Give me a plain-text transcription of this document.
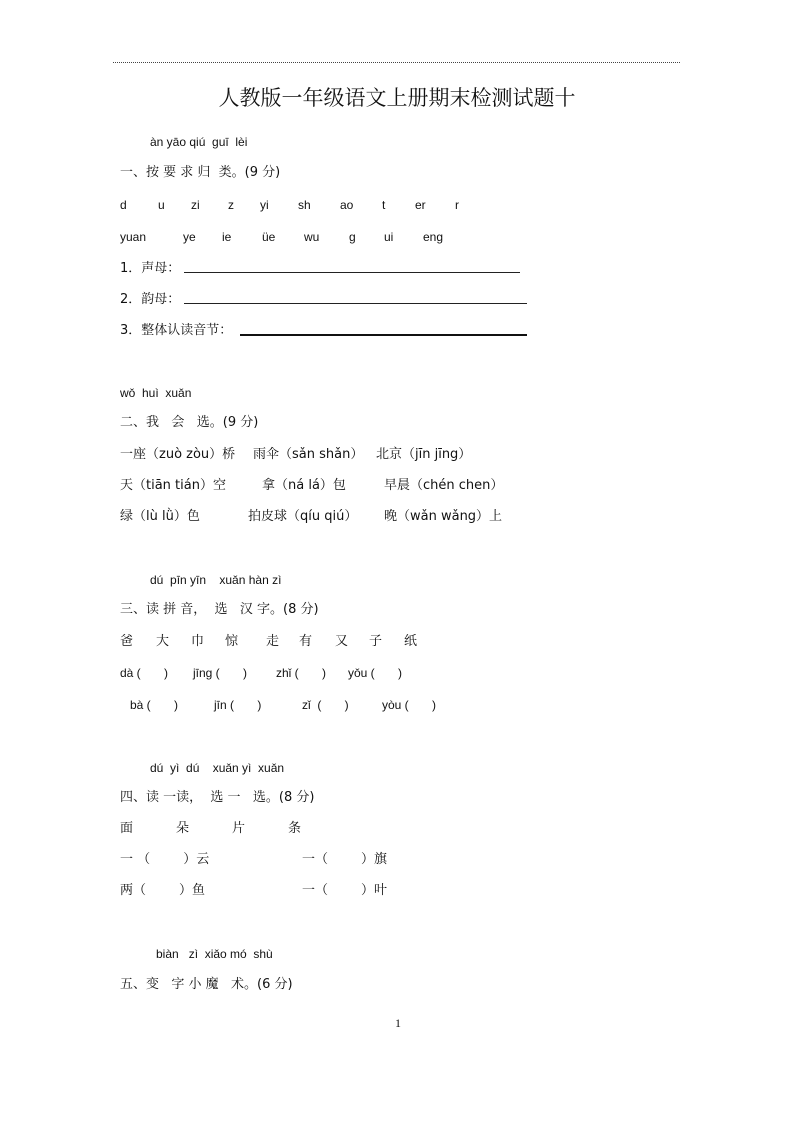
人教版一年级语文上册期末检测试题十
àn yāo qiú  guī  lèi
一、按 要 求 归  类。(9 分)
d	u zi z yi sh ao t er r
yuan	ye ie	üe wu g ui eng
1．声母：
2．韵母：
3．整体认读音节：
wǒ  huì  xuǎn
二、我   会   选。(9 分)
一座（zuò zòu）桥 雨伞（sǎn shǎn） 北京（jīn jīng）
天（tiān tián）空	拿（ná lá）包	早晨（chén chen）
绿（lù lǜ）色	拍皮球（qíu qiú） 晚（wǎn wǎng）上
dú  pīn yīn    xuǎn hàn zì
三、读 拼 音，  选   汉 字。(8 分)
爸 大 巾 惊 走 有 又 子 纸
dà (       ) jīng (       ) zhǐ (       ) yǒu (       )
bà (       )	jīn (       )	zǐ  (       )	yòu (       )
dú  yì  dú    xuǎn yì  xuǎn
四、读 一读，  选 一   选。(8 分)
面	朵	片	条
一 （        ）云	一（        ）旗
两（        ）鱼	一（        ）叶
biàn   zì  xiǎo mó  shù
五、变   字 小 魔   术。(6 分)
1
